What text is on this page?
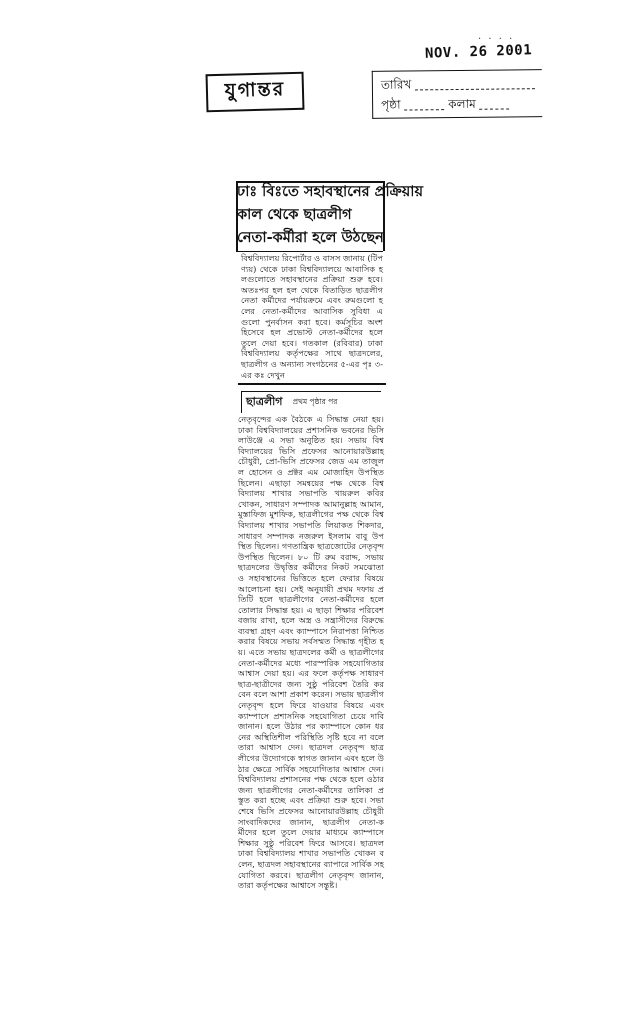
· · · ·
NOV. 26 2001
যুগান্তর	তারিখ
পৃষ্ঠা	কলাম
ঢাঃ বিঃতে সহাবস্থানের প্রক্রিয়ায়
কাল থেকে ছাত্রলীগ
নেতা-কর্মীরা হলে উঠছেন
বিশ্ববিদ্যালয় রিপোর্টার ও বাসস জানায় (টিপণ্যয়) থেকে ঢাকা বিশ্ববিদ্যালয়ে আবাসিক হলগুলোতে সহাবস্থানের প্রক্রিয়া শুরু হবে। অতঃপর হল হল থেকে বিতাড়িত ছাত্রলীগ নেতা কর্মীদের পর্যায়ক্রমে এবং রুমগুলো হলের নেতা-কর্মীদের আবাসিক সুবিধা এগুলো পুনর্বাসন করা হবে। কর্মসূচির অংশ হিসেবে হল প্রভোস্ট নেতা-কর্মীদের হলে তুলে দেয়া হবে। গতকাল (রবিবার) ঢাকা বিশ্ববিদ্যালয় কর্তৃপক্ষের সাথে ছাত্রদলের, ছাত্রলীগ ও অন্যান্য সংগঠনের ৫-এর পৃঃ ৩-এর কঃ দেখুন
ছাত্রলীগ প্রথম পৃষ্ঠার পর
নেতৃবৃন্দের এক বৈঠকে এ সিদ্ধান্ত নেয়া হয়। ঢাকা বিশ্ববিদ্যালয়ের প্রশাসনিক ভবনের ভিসি লাউঞ্জে এ সভা অনুষ্ঠিত হয়। সভায় বিশ্ববিদ্যালয়ের ভিসি প্রফেসর আনোয়ারউল্লাহ চৌধুরী, প্রো-ভিসি প্রফেসর জেড এম তাজুলল হোসেন ও প্রক্টর এম মোজাহিদ উপস্থিত ছিলেন। এছাড়া সমন্বয়ের পক্ষ থেকে বিশ্ববিদ্যালয় শাখার সভাপতি খায়রুল কবির খোকন, সাধারণ সম্পাদক আমানুল্লাহ আমান, মুস্তাফিজ মুশফিক, ছাত্রলীগের পক্ষ থেকে বিশ্ববিদ্যালয় শাখার সভাপতি লিয়াকত শিকদার, সাধারণ সম্পাদক নজরুল ইসলাম বাবু উপস্থিত ছিলেন। গণতান্ত্রিক ছাত্রজোটের নেতৃবৃন্দ উপস্থিত ছিলেন। ৮০ টি রুম বরাদ্দ, সভায় ছাত্রদলের উদ্বৃত্তির কর্মীদের নিকট সমঝোতা ও সহাবস্থানের ভিত্তিতে হলে ফেরার বিষয়ে আলোচনা হয়। সেই অনুযায়ী প্রথম দফায় প্রতিটি হলে ছাত্রলীগের নেতা-কর্মীদের হলে তোলার সিদ্ধান্ত হয়। এ ছাড়া শিক্ষার পরিবেশ বজায় রাখা, হলে অস্ত্র ও সন্ত্রাসীদের বিরুদ্ধে ব্যবস্থা গ্রহণ এবং ক্যাম্পাসে নিরাপত্তা নিশ্চিত করার বিষয়ে সভায় সর্বসম্মত সিদ্ধান্ত গৃহীত হয়। এতে সভায় ছাত্রদলের কর্মী ও ছাত্রলীগের নেতা-কর্মীদের মধ্যে পারস্পরিক সহযোগিতার আশ্বাস দেয়া হয়। এর ফলে কর্তৃপক্ষ সাধারণ ছাত্র-ছাত্রীদের জন্য সুষ্ঠু পরিবেশ তৈরি করবেন বলে আশা প্রকাশ করেন। সভায় ছাত্রলীগ নেতৃবৃন্দ হলে ফিরে যাওয়ার বিষয়ে এবং ক্যাম্পাসে প্রশাসনিক সহযোগিতা চেয়ে দাবি জানান। হলে উঠার পর ক্যাম্পাসে কোন ধরনের অস্থিতিশীল পরিস্থিতি সৃষ্টি হবে না বলে তারা আশ্বাস দেন। ছাত্রদল নেতৃবৃন্দ ছাত্রলীগের উদ্যোগকে স্বাগত জানান এবং হলে উঠার ক্ষেত্রে সার্বিক সহযোগিতার আশ্বাস দেন। বিশ্ববিদ্যালয় প্রশাসনের পক্ষ থেকে হলে ওঠার জন্য ছাত্রলীগের নেতা-কর্মীদের তালিকা প্রস্তুত করা হচ্ছে এবং প্রক্রিয়া শুরু হবে। সভা শেষে ভিসি প্রফেসর আনোয়ারউল্লাহ চৌধুরী সাংবাদিকদের জানান, ছাত্রলীগ নেতা-কর্মীদের হলে তুলে দেয়ার মাধ্যমে ক্যাম্পাসে শিক্ষার সুষ্ঠু পরিবেশ ফিরে আসবে। ছাত্রদল ঢাকা বিশ্ববিদ্যালয় শাখার সভাপতি খোকন বলেন, ছাত্রদল সহাবস্থানের ব্যাপারে সার্বিক সহযোগিতা করবে। ছাত্রলীগ নেতৃবৃন্দ জানান, তারা কর্তৃপক্ষের আশ্বাসে সন্তুষ্ট।
